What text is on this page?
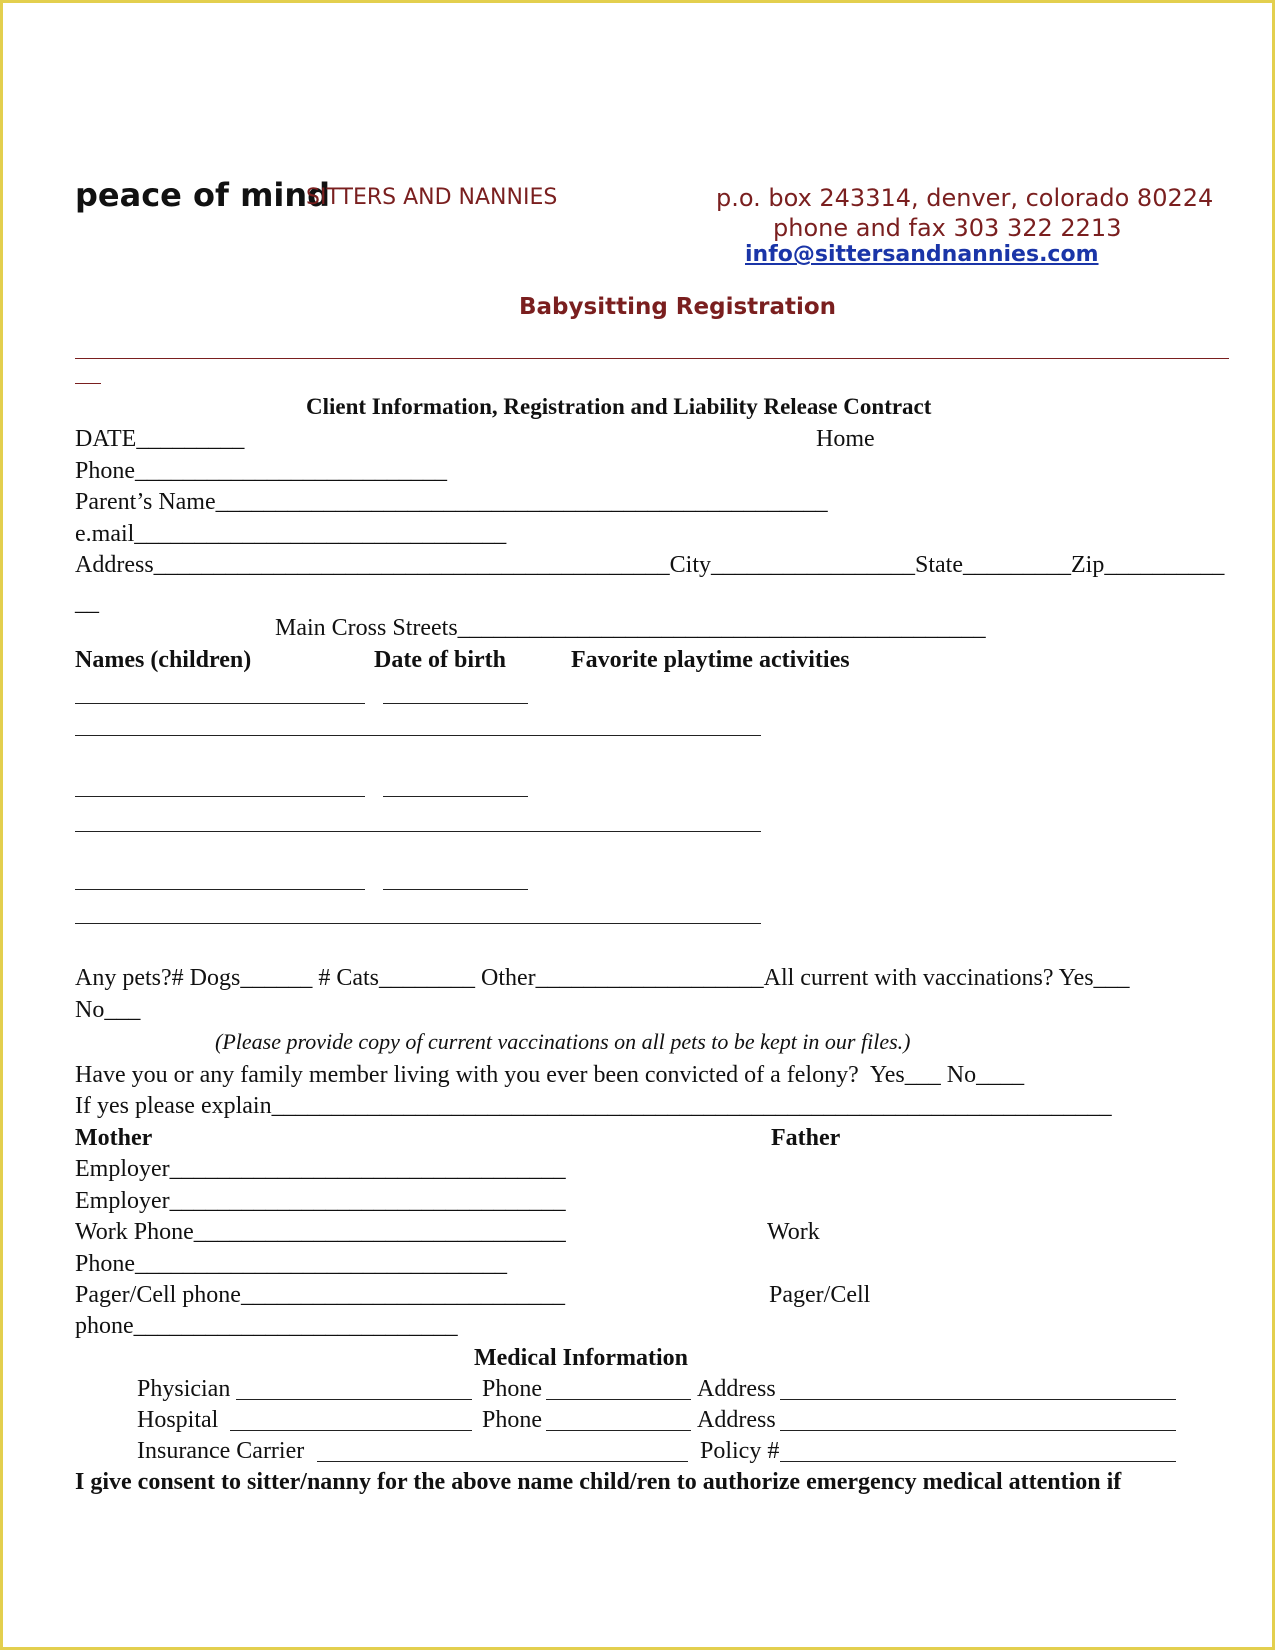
peace of mind
SITTERS AND NANNIES	p.o. box 243314, denver, colorado 80224
phone and fax 303 322 2213
info@sittersandnannies.com
Babysitting Registration
Client Information, Registration and Liability Release Contract
DATE_________	Home
Phone__________________________
Parent’s Name___________________________________________________
e.mail_______________________________
Address___________________________________________City_________________State_________Zip__________
__
Main Cross Streets____________________________________________
Names (children)	Date of birth	Favorite playtime activities
Any pets?# Dogs______ # Cats________ Other___________________All current with vaccinations? Yes___
No___
(Please provide copy of current vaccinations on all pets to be kept in our files.)
Have you or any family member living with you ever been convicted of a felony?  Yes___ No____
If yes please explain______________________________________________________________________
Mother	Father
Employer_________________________________
Employer_________________________________
Work Phone_______________________________	Work
Phone_______________________________
Pager/Cell phone___________________________	Pager/Cell
phone___________________________
Medical Information
Physician	Phone	Address
Hospital	Phone	Address
Insurance Carrier	Policy #
I give consent to sitter/nanny for the above name child/ren to authorize emergency medical attention if
